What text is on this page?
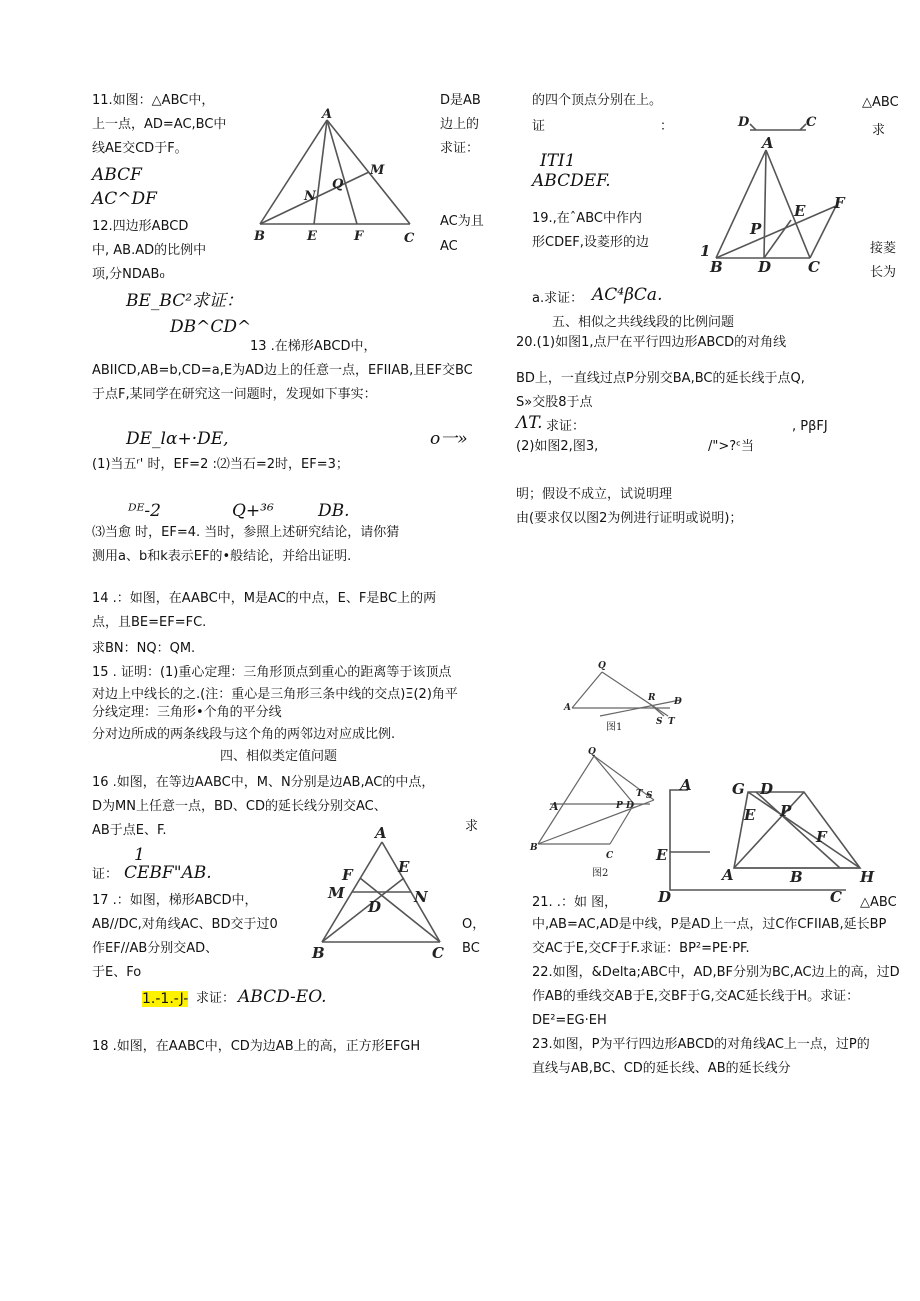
11.如图：△ABC中，
上一点，AD=AC,BC中
线AE交CD于F。
D是AB
边上的
求证：
ABCF
AC^DF
A
B	E	F	C
N
Q
M
12.四边形ABCD
中, AB.AD的比例中
项,分NDAB₀
AC为且
AC
BE_BC²求证：
DB^CD^
13 .在梯形ABCD中，
ABIICD,AB=b,CD=a,E为AD边上的任意一点，EFIIAB,且EF交BC
于点F,某同学在研究这一问题时，发现如下事实：
DE_lα+·DE,	o一»
(1)当五ʳ' 时，EF=2 :⑵当石=2时，EF=3；
ᴰᴱ-2	Q+³⁶	DB.
⑶当愈 时，EF=4. 当时，参照上述研究结论，请你猜
测用a、b和k表示EF的•般结论，并给出证明.
14 .：如图，在AABC中，M是AC的中点，E、F是BC上的两
点，且BE=EF=FC.
求BN：NQ：QM.
15 . 证明：(1)重心定理：三角形顶点到重心的距离等于该顶点
对边上中线长的之.(注：重心是三角形三条中线的交点)Ξ(2)角平
分线定理：三角形•个角的平分线
分对边所成的两条线段与这个角的两邻边对应成比例.
四、相似类定值问题
16 .如图，在等边AABC中，M、N分别是边AB,AC的中点，
D为MN上任意一点，BD、CD的延长线分别交AC、
AB于点E、F.	求
1
证： CEBF"AB.
A
F	E
M	N
D
B	C
17 .：如图，梯形ABCD中，
AB//DC,对角线AC、BD交于过0
作EF//AB分别交AD、
于E、Fo
O，
BC
1.-1.-J- 求证： ABCD-EO.
18 .如图，在AABC中，CD为边AB上的高，正方形EFGH
的四个顶点分别在上。	△ABC
证	：	求
ITI1
ABCDEF.
D	C
A
E F
P
B D C
1
19.,在ˆABC中作内
形CDEF,设菱形的边	接菱
长为
a.求证： AC⁴βCa.
五、相似之共线线段的比例问题
20.(1)如图1,点尸在平行四边形ABCD的对角线
BD上，一直线过点P分别交BA,BC的延长线于点Q,
S»交股8于点
ΛT. 求证：	, PβFJ
(2)如图2,图3,	/">?ᶜ当
明；假设不成立，试说明理
由(要求仅以图2为例进行证明或说明)；
Q
A
R D
S T
图1
Q
T S
A	P D
B
C
图2
A	G D
E P
F
A	B	H
E
D	C
21. .：如 图，	△ABC
中,AB=AC,AD是中线，P是AD上一点，过C作CFIIAB,延长BP
交AC于E,交CF于F.求证：BP²=PE·PF.
22.如图，&Delta;ABC中，AD,BF分别为BC,AC边上的高，过D
作AB的垂线交AB于E,交BF于G,交AC延长线于H。求证：
DE²=EG·EH
23.如图，P为平行四边形ABCD的对角线AC上一点，过P的
直线与AB,BC、CD的延长线、AB的延长线分
